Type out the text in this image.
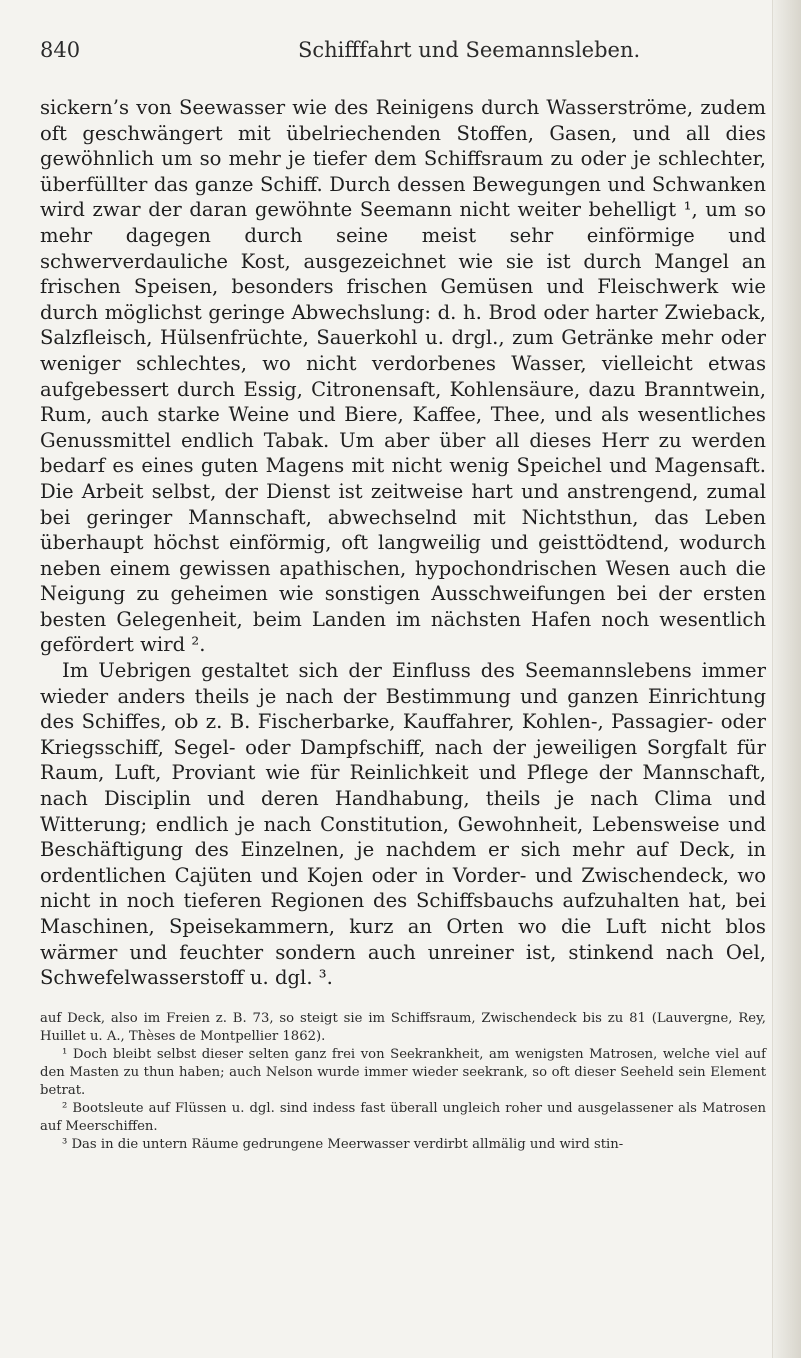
840	Schifffahrt und Seemannsleben.

sickern’s von Seewasser wie des Reinigens durch Wasserströme, zudem oft geschwängert mit übelriechenden Stoffen, Gasen, und all dies gewöhnlich um so mehr je tiefer dem Schiffsraum zu oder je schlechter, überfüllter das ganze Schiff. Durch dessen Bewegungen und Schwanken wird zwar der daran gewöhnte Seemann nicht weiter behelligt ¹, um so mehr dagegen durch seine meist sehr einförmige und schwerverdauliche Kost, ausgezeichnet wie sie ist durch Mangel an frischen Speisen, besonders frischen Gemüsen und Fleischwerk wie durch möglichst geringe Abwechslung: d. h. Brod oder harter Zwieback, Salzfleisch, Hülsenfrüchte, Sauerkohl u. drgl., zum Getränke mehr oder weniger schlechtes, wo nicht verdorbenes Wasser, vielleicht etwas aufgebessert durch Essig, Citronensaft, Kohlensäure, dazu Branntwein, Rum, auch starke Weine und Biere, Kaffee, Thee, und als wesentliches Genussmittel endlich Tabak. Um aber über all dieses Herr zu werden bedarf es eines guten Magens mit nicht wenig Speichel und Magensaft. Die Arbeit selbst, der Dienst ist zeitweise hart und anstrengend, zumal bei geringer Mannschaft, abwechselnd mit Nichtsthun, das Leben überhaupt höchst einförmig, oft langweilig und geisttödtend, wodurch neben einem gewissen apathischen, hypochondrischen Wesen auch die Neigung zu geheimen wie sonstigen Ausschweifungen bei der ersten besten Gelegenheit, beim Landen im nächsten Hafen noch wesentlich gefördert wird ².

Im Uebrigen gestaltet sich der Einfluss des Seemannslebens immer wieder anders theils je nach der Bestimmung und ganzen Einrichtung des Schiffes, ob z. B. Fischerbarke, Kauffahrer, Kohlen-, Passagier- oder Kriegsschiff, Segel- oder Dampfschiff, nach der jeweiligen Sorgfalt für Raum, Luft, Proviant wie für Reinlichkeit und Pflege der Mannschaft, nach Disciplin und deren Handhabung, theils je nach Clima und Witterung; endlich je nach Constitution, Gewohnheit, Lebensweise und Beschäftigung des Einzelnen, je nachdem er sich mehr auf Deck, in ordentlichen Cajüten und Kojen oder in Vorder- und Zwischendeck, wo nicht in noch tieferen Regionen des Schiffsbauchs aufzuhalten hat, bei Maschinen, Speisekammern, kurz an Orten wo die Luft nicht blos wärmer und feuchter sondern auch unreiner ist, stinkend nach Oel, Schwefelwasserstoff u. dgl. ³.

auf Deck, also im Freien z. B. 73, so steigt sie im Schiffsraum, Zwischendeck bis zu 81 (Lauvergne, Rey, Huillet u. A., Thèses de Montpellier 1862).

¹ Doch bleibt selbst dieser selten ganz frei von Seekrankheit, am wenigsten Matrosen, welche viel auf den Masten zu thun haben; auch Nelson wurde immer wieder seekrank, so oft dieser Seeheld sein Element betrat.

² Bootsleute auf Flüssen u. dgl. sind indess fast überall ungleich roher und ausgelassener als Matrosen auf Meerschiffen.

³ Das in die untern Räume gedrungene Meerwasser verdirbt allmälig und wird stin-
